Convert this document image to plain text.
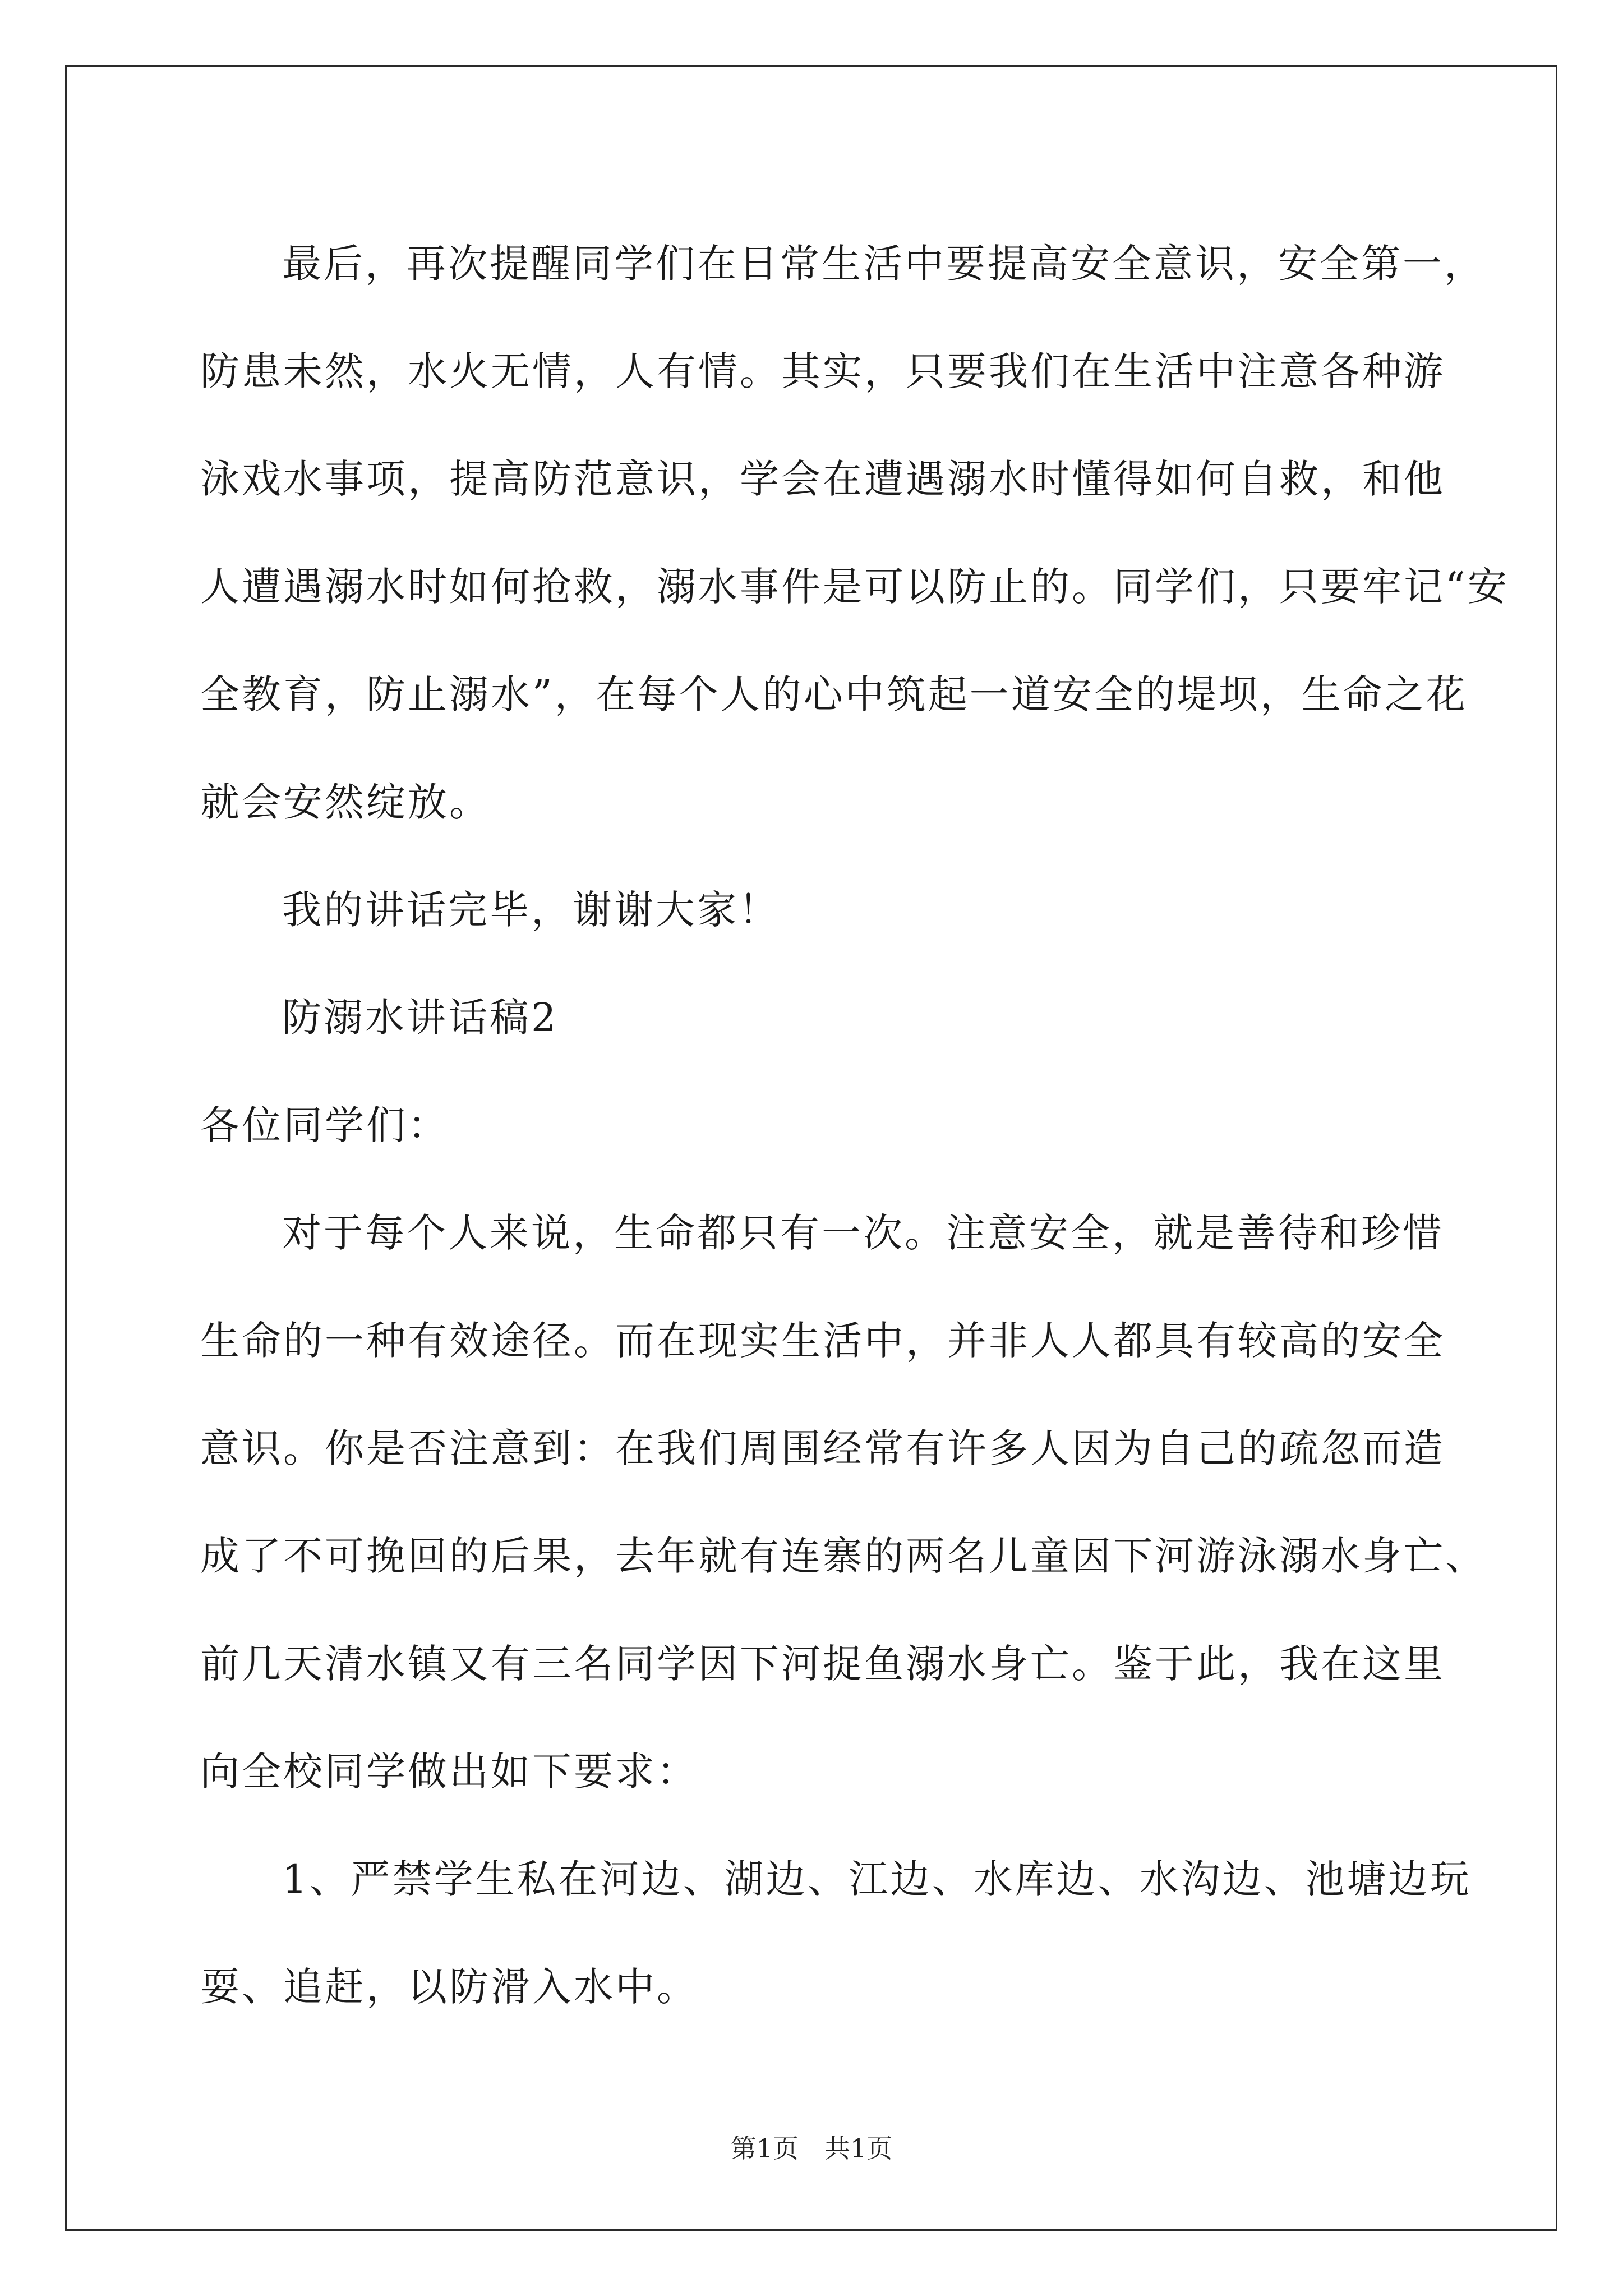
最后，再次提醒同学们在日常生活中要提高安全意识，安全第一，
防患未然，水火无情，人有情。其实，只要我们在生活中注意各种游
泳戏水事项，提高防范意识，学会在遭遇溺水时懂得如何自救，和他
人遭遇溺水时如何抢救，溺水事件是可以防止的。同学们，只要牢记“安
全教育，防止溺水”，在每个人的心中筑起一道安全的堤坝，生命之花
就会安然绽放。
我的讲话完毕，谢谢大家！
防溺水讲话稿2
各位同学们：
对于每个人来说，生命都只有一次。注意安全，就是善待和珍惜
生命的一种有效途径。而在现实生活中，并非人人都具有较高的安全
意识。你是否注意到：在我们周围经常有许多人因为自己的疏忽而造
成了不可挽回的后果，去年就有连寨的两名儿童因下河游泳溺水身亡、
前几天清水镇又有三名同学因下河捉鱼溺水身亡。鉴于此，我在这里
向全校同学做出如下要求：
1、严禁学生私在河边、湖边、江边、水库边、水沟边、池塘边玩
耍、追赶，以防滑入水中。
第1页　共1页
